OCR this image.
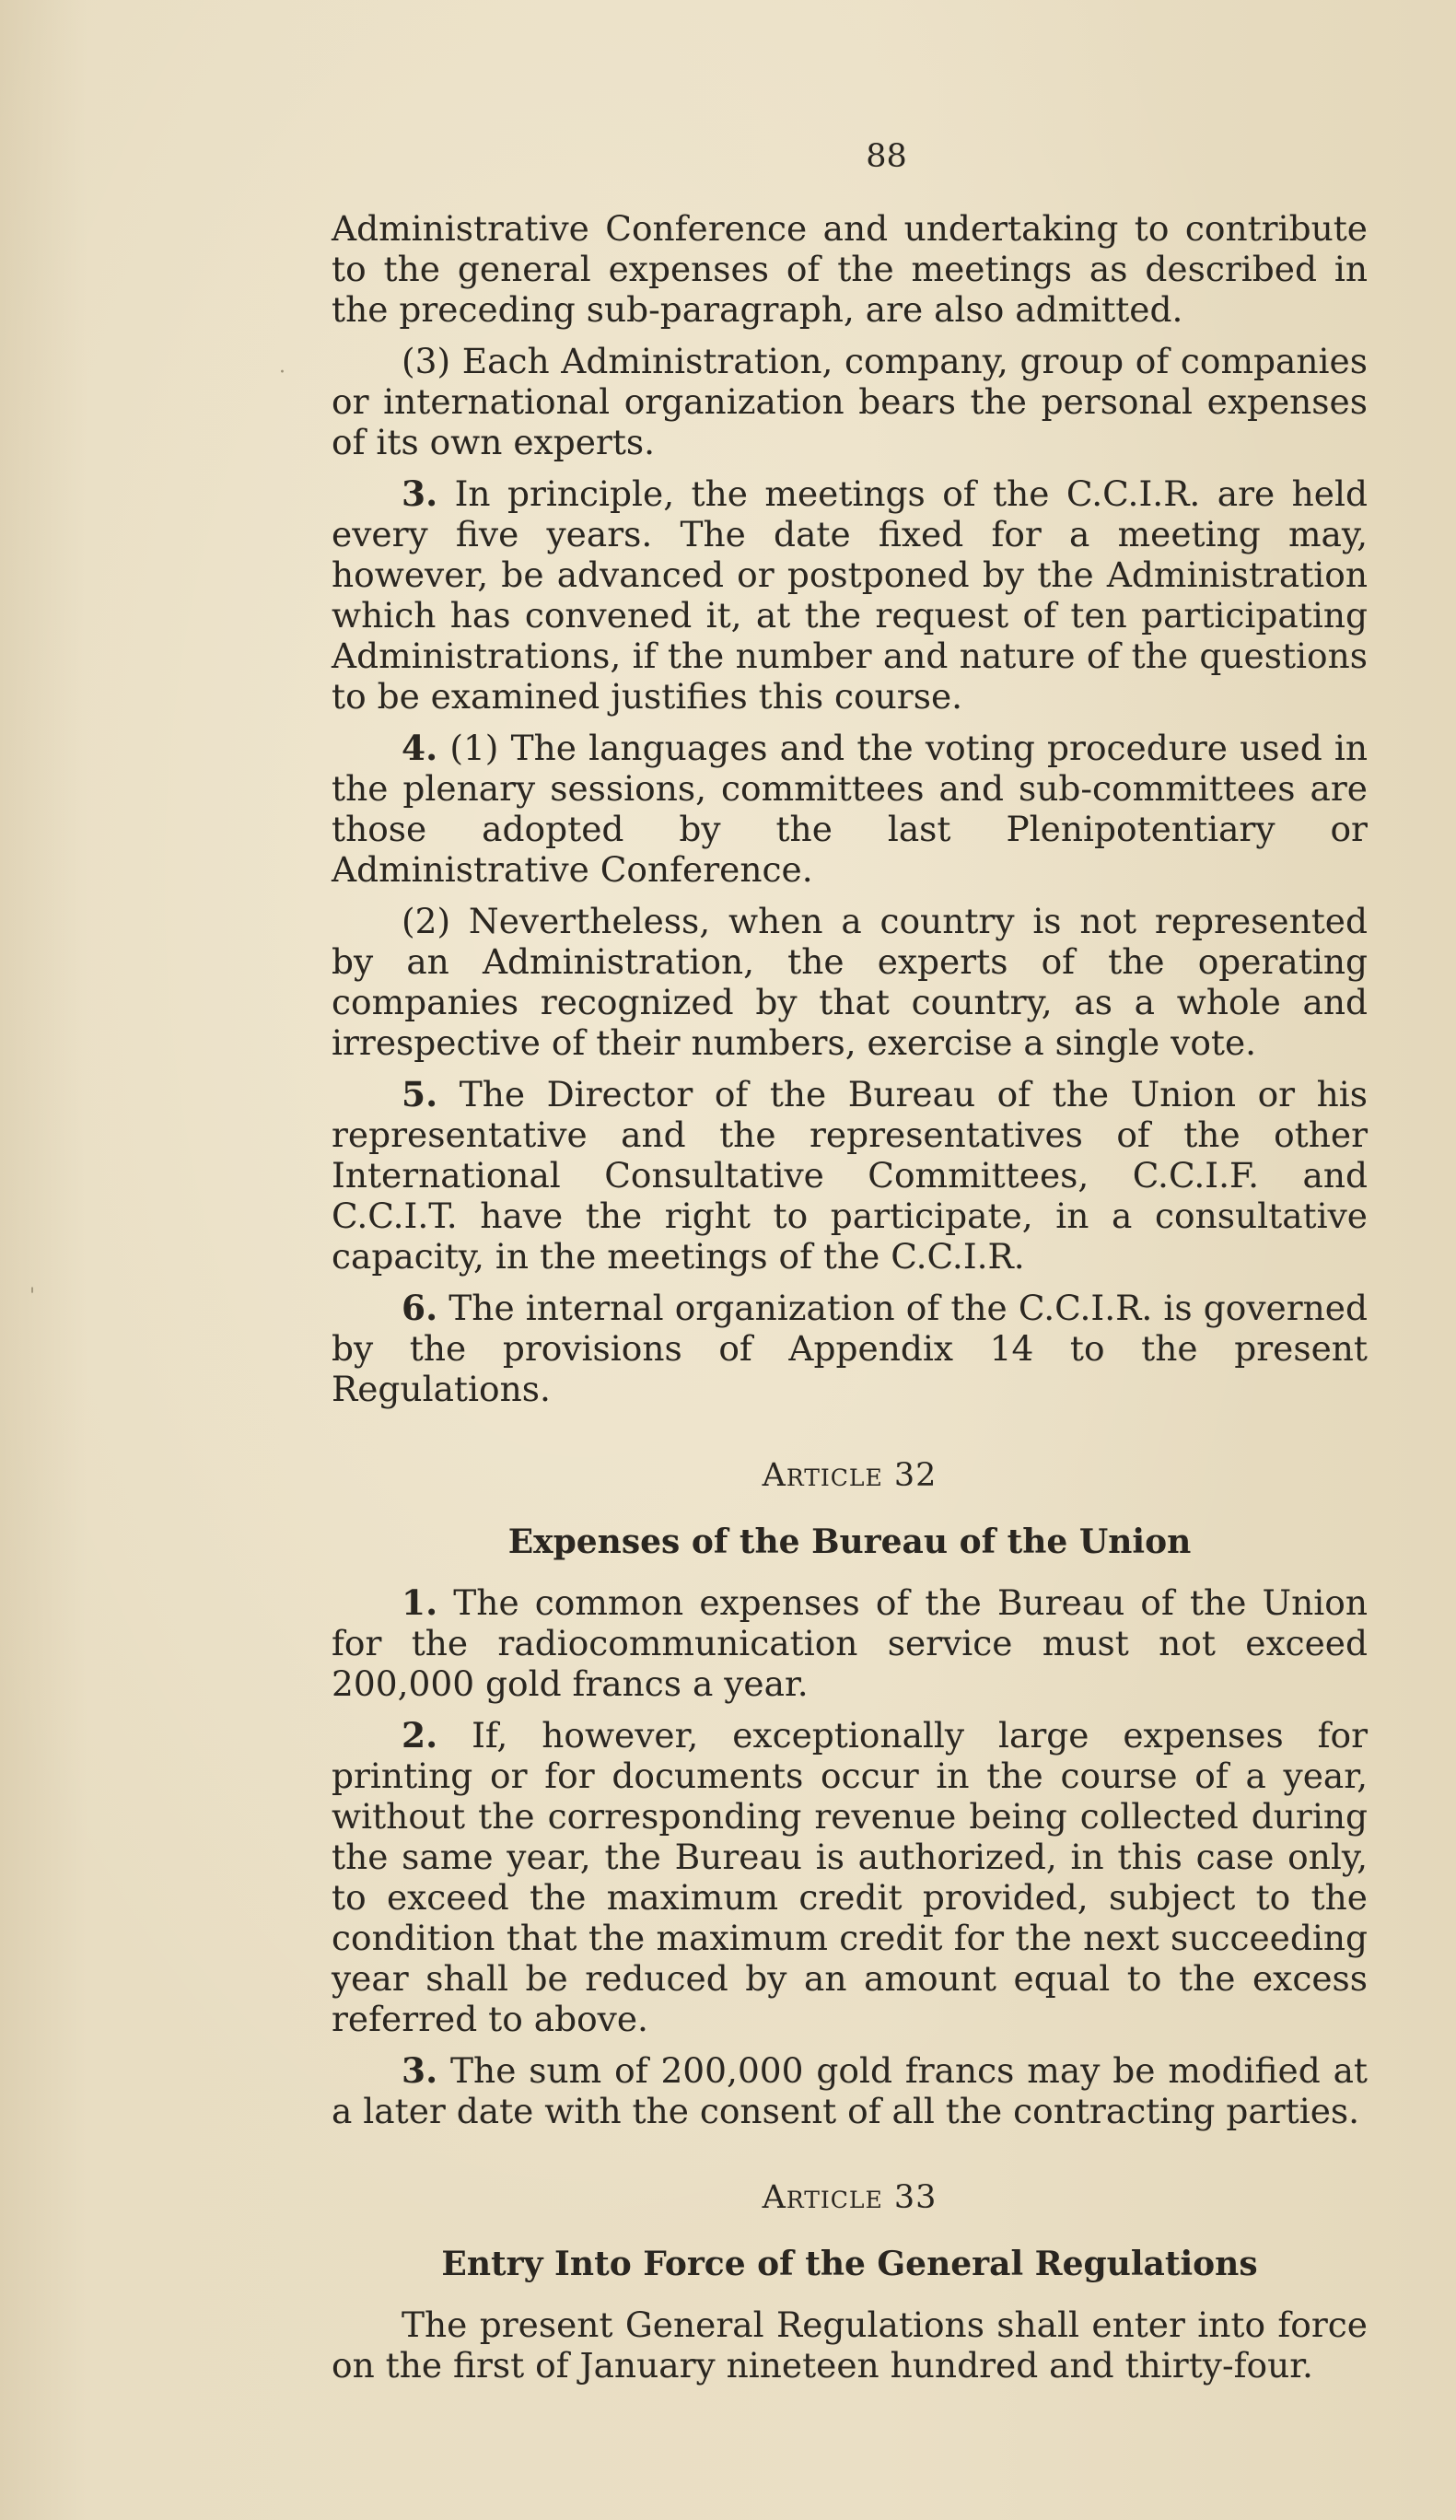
·
'
88

Administrative Conference and undertaking to contribute to the general expenses of the meetings as described in the preceding sub-paragraph, are also admitted.

(3) Each Administration, company, group of companies or international organization bears the personal expenses of its own experts.

3. In principle, the meetings of the C.C.I.R. are held every five years. The date fixed for a meeting may, however, be advanced or postponed by the Administration which has convened it, at the request of ten participating Administrations, if the number and nature of the questions to be examined justifies this course.

4. (1) The languages and the voting procedure used in the plenary sessions, committees and sub-committees are those adopted by the last Plenipotentiary or Administrative Conference.

(2) Nevertheless, when a country is not represented by an Administration, the experts of the operating companies recognized by that country, as a whole and irrespective of their numbers, exercise a single vote.

5. The Director of the Bureau of the Union or his representative and the representatives of the other International Consultative Committees, C.C.I.F. and C.C.I.T. have the right to participate, in a consultative capacity, in the meetings of the C.C.I.R.

6. The internal organization of the C.C.I.R. is governed by the provisions of Appendix 14 to the present Regulations.

Article 32
Expenses of the Bureau of the Union

1. The common expenses of the Bureau of the Union for the radiocommunication service must not exceed 200,000 gold francs a year.

2. If, however, exceptionally large expenses for printing or for documents occur in the course of a year, without the corresponding revenue being collected during the same year, the Bureau is authorized, in this case only, to exceed the maximum credit provided, subject to the condition that the maximum credit for the next succeeding year shall be reduced by an amount equal to the excess referred to above.

3. The sum of 200,000 gold francs may be modified at a later date with the consent of all the contracting parties.

Article 33
Entry Into Force of the General Regulations

The present General Regulations shall enter into force on the first of January nineteen hundred and thirty-four.
